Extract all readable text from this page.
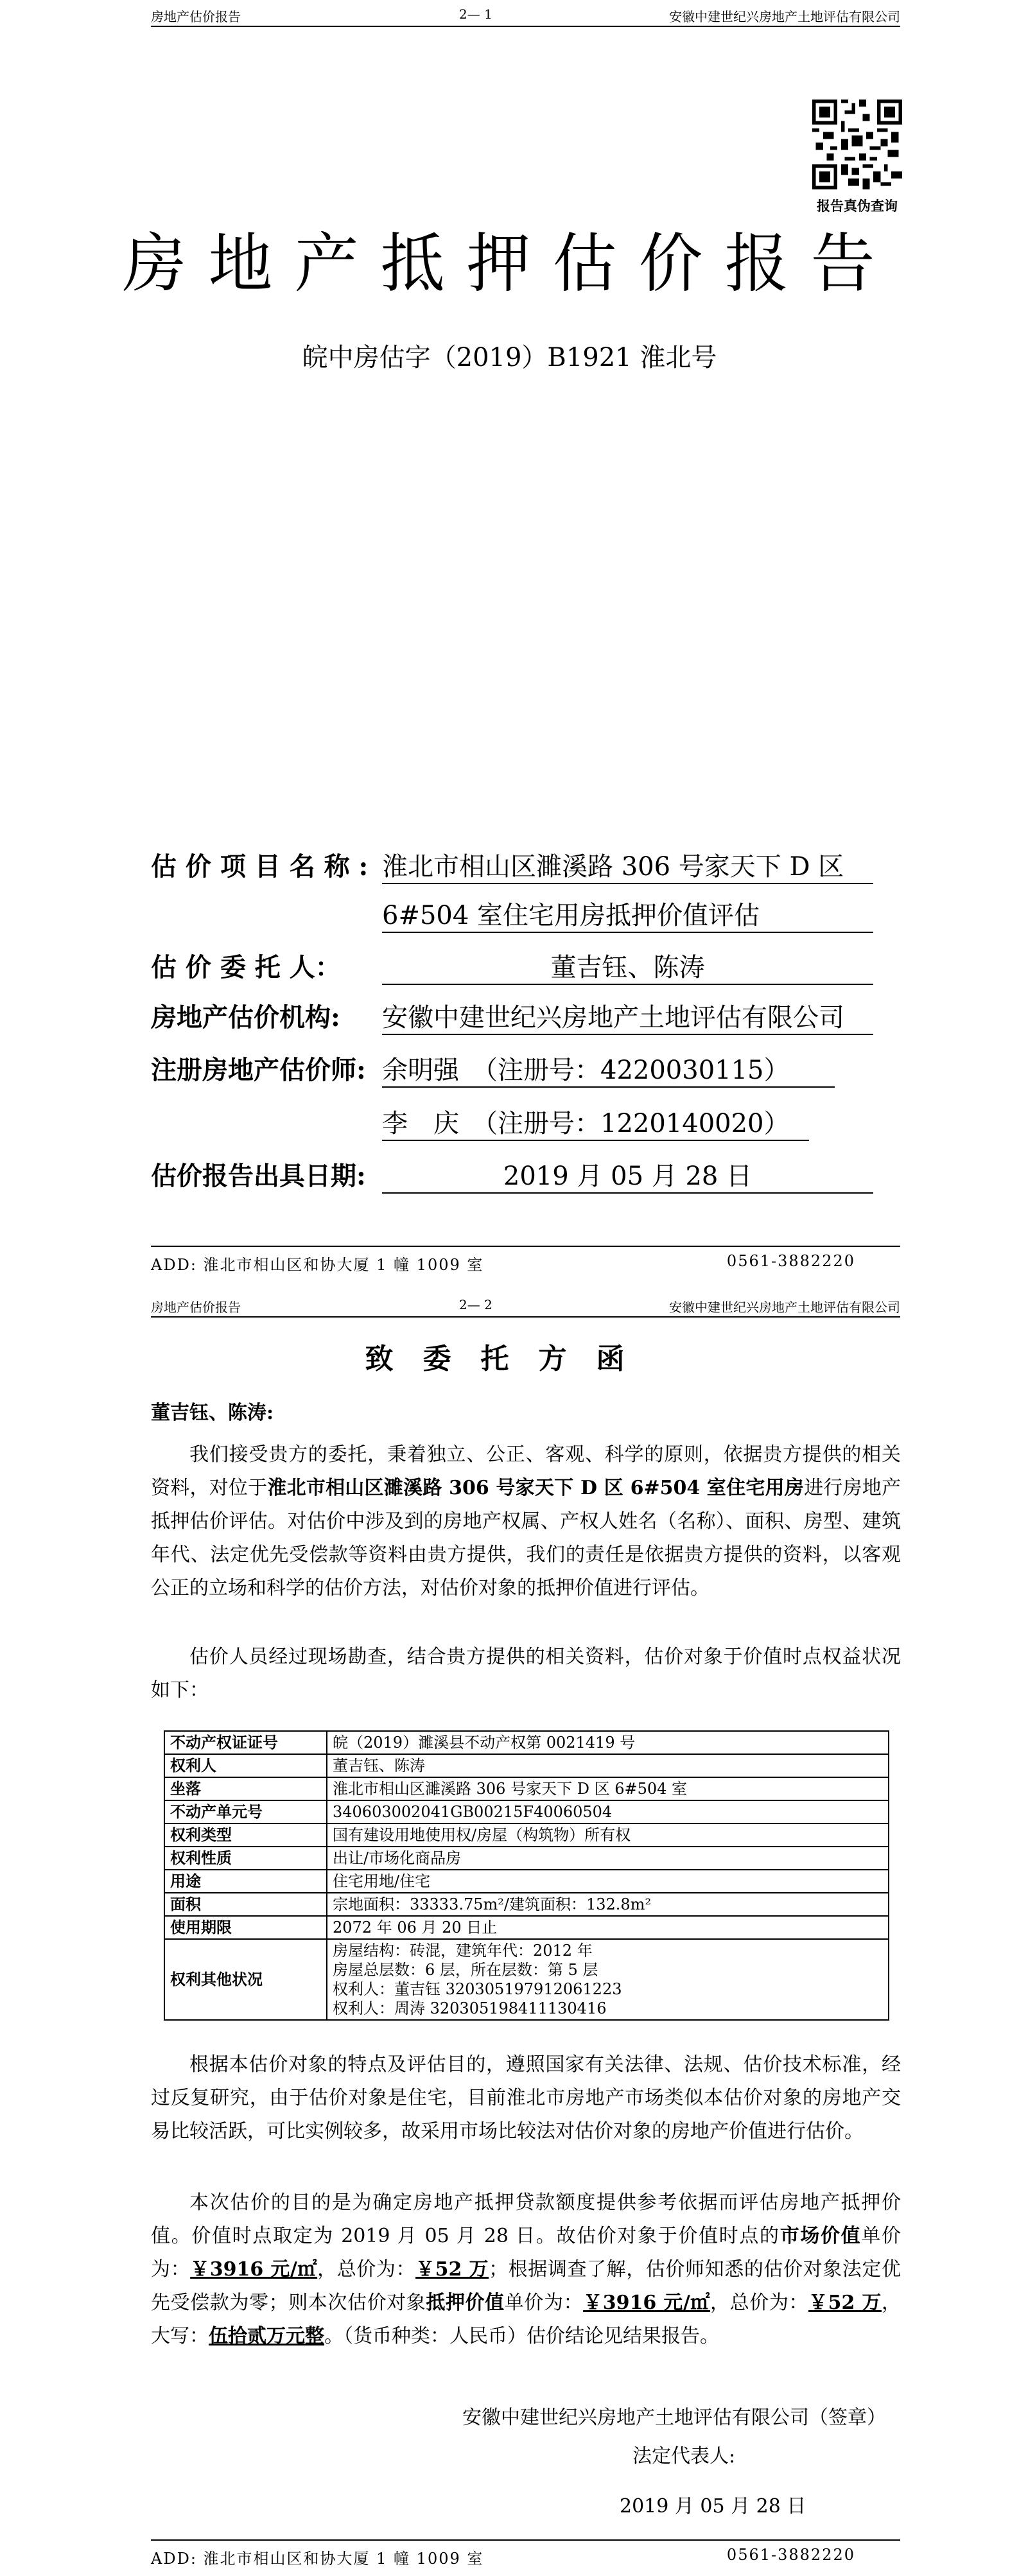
房地产估价报告	2— 1	安徽中建世纪兴房地产土地评估有限公司
报告真伪查询
房地产抵押估价报告
皖中房估字（2019）B1921 淮北号
估 价 项 目 名 称 : 淮北市相山区濉溪路 306 号家天下 D 区
6#504 室住宅用房抵押价值评估
估 价 委 托 人：	董吉钰、陈涛
房地产估价机构: 安徽中建世纪兴房地产土地评估有限公司
注册房地产估价师: 余明强　（注册号：4220030115）
李　庆　（注册号：1220140020）
估价报告出具日期:	2019 月 05 月 28 日
ADD: 淮北市相山区和协大厦 1 幢 1009 室	0561-3882220
房地产估价报告	2— 2	安徽中建世纪兴房地产土地评估有限公司
致委托方函
董吉钰、陈涛:
我们接受贵方的委托，秉着独立、公正、客观、科学的原则，依据贵方提供的相关资料，对位于淮北市相山区濉溪路 306 号家天下 D 区 6#504 室住宅用房进行房地产抵押估价评估。对估价中涉及到的房地产权属、产权人姓名（名称）、面积、房型、建筑年代、法定优先受偿款等资料由贵方提供，我们的责任是依据贵方提供的资料，以客观公正的立场和科学的估价方法，对估价对象的抵押价值进行评估。
估价人员经过现场勘查，结合贵方提供的相关资料，估价对象于价值时点权益状况如下：
不动产权证证号	皖（2019）濉溪县不动产权第 0021419 号

权利人	董吉钰、陈涛

坐落	淮北市相山区濉溪路 306 号家天下 D 区 6#504 室

不动产单元号	340603002041GB00215F40060504

权利类型	国有建设用地使用权/房屋（构筑物）所有权

权利性质	出让/市场化商品房

用途	住宅用地/住宅

面积	宗地面积：33333.75m²/建筑面积：132.8m²

使用期限	2072 年 06 月 20 日止

权利其他状况	房屋结构：砖混，建筑年代：2012 年
房屋总层数：6 层，所在层数：第 5 层
权利人：董吉钰 320305197912061223
权利人：周涛 320305198411130416
根据本估价对象的特点及评估目的，遵照国家有关法律、法规、估价技术标准，经过反复研究，由于估价对象是住宅，目前淮北市房地产市场类似本估价对象的房地产交易比较活跃，可比实例较多，故采用市场比较法对估价对象的房地产价值进行估价。
本次估价的目的是为确定房地产抵押贷款额度提供参考依据而评估房地产抵押价值。价值时点取定为 2019 月 05 月 28 日。故估价对象于价值时点的市场价值单价为：￥3916 元/㎡，总价为：￥52 万；根据调查了解，估价师知悉的估价对象法定优先受偿款为零；则本次估价对象抵押价值单价为：￥3916 元/㎡，总价为：￥52 万，大写：伍拾贰万元整。（货币种类：人民币）估价结论见结果报告。
安徽中建世纪兴房地产土地评估有限公司（签章）
法定代表人:
2019 月 05 月 28 日
ADD: 淮北市相山区和协大厦 1 幢 1009 室	0561-3882220
